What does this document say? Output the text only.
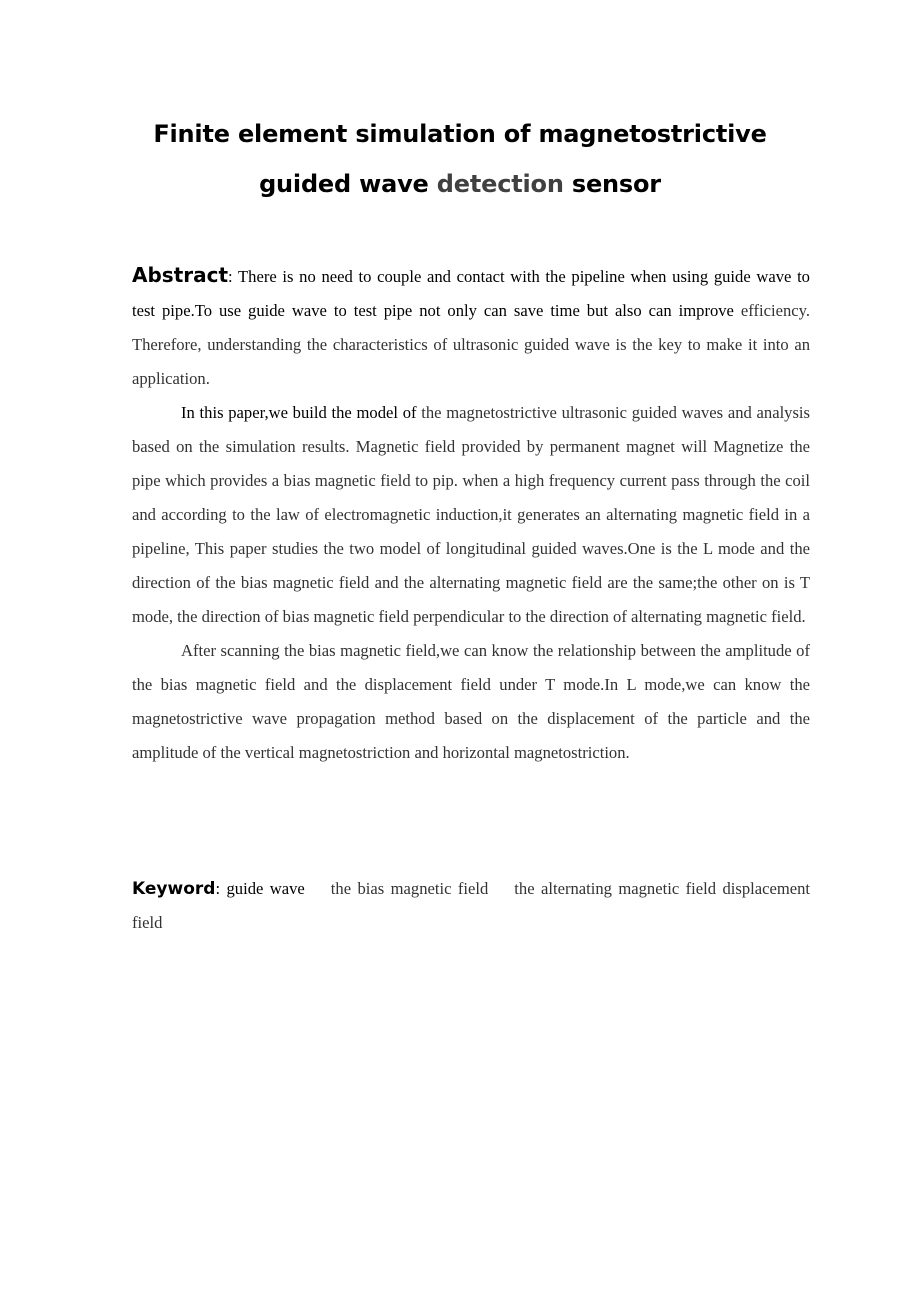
Finite element simulation of magnetostrictive
guided wave detection sensor

Abstract: There is no need to couple and contact with the pipeline when using guide wave to test pipe.To use guide wave to test pipe not only can save time but also can improve efficiency. Therefore, understanding the characteristics of ultrasonic guided wave is the key to make it into an application.

In this paper,we build the model of the magnetostrictive ultrasonic guided waves and analysis based on the simulation results. Magnetic field provided by permanent magnet will Magnetize the pipe which provides a bias magnetic field to pip. when a high frequency current pass through the coil and according to the law of electromagnetic induction,it generates an alternating magnetic field in a pipeline, This paper studies the two model of longitudinal guided waves.One is the L mode and the direction of the bias magnetic field and the alternating magnetic field are the same;the other on is T mode, the direction of bias magnetic field perpendicular to the direction of alternating magnetic field.

After scanning the bias magnetic field,we can know the relationship between the amplitude of the bias magnetic field and the displacement field under T mode.In L mode,we can know the magnetostrictive wave propagation method based on the displacement of the particle and the amplitude of the vertical magnetostriction and horizontal magnetostriction.

Keyword: guide wave the bias magnetic field the alternating magnetic field displacement field
